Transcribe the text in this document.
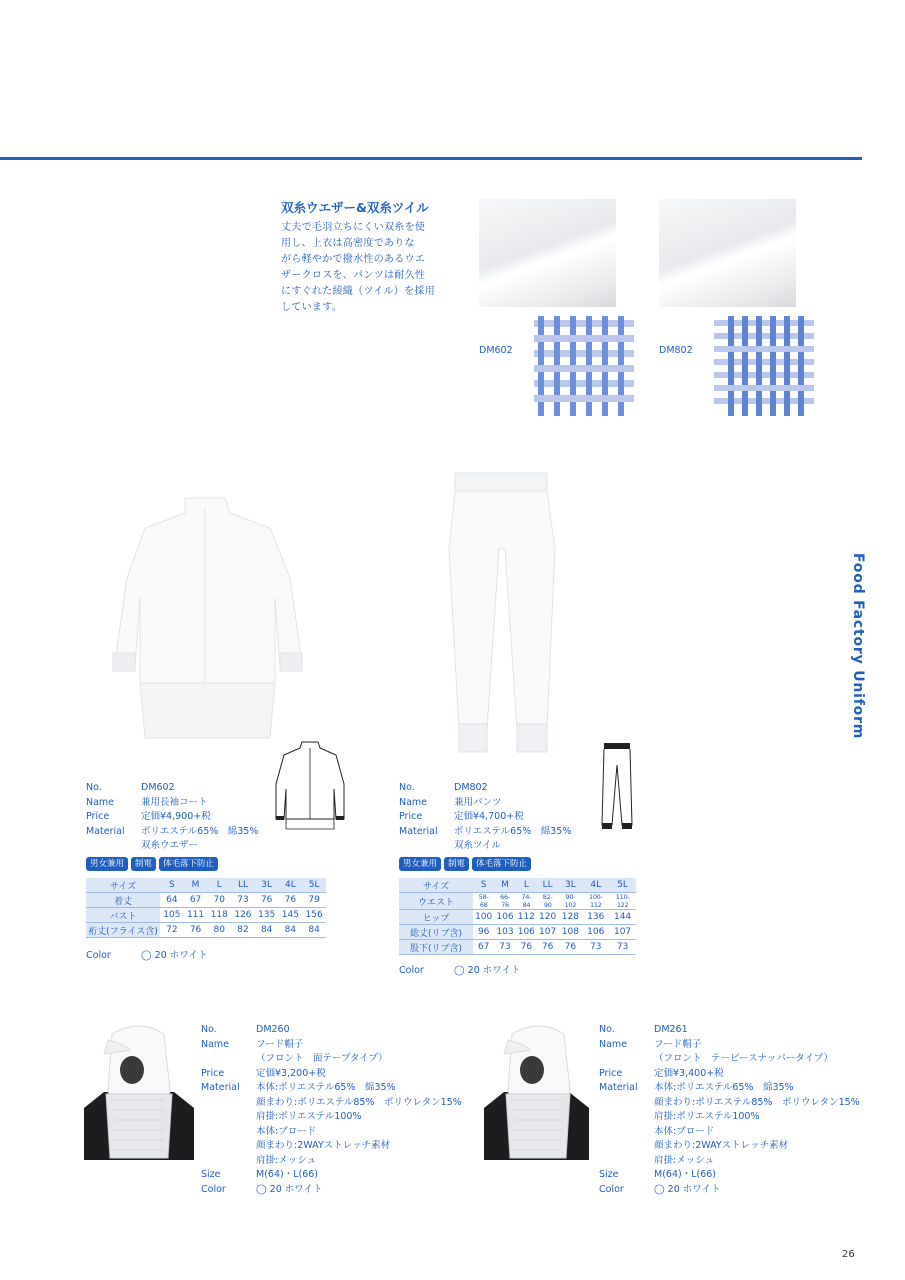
双糸ウエザー&双糸ツイル
丈夫で毛羽立ちにくい双糸を使
用し、上衣は高密度でありな
がら軽やかで撥水性のあるウエ
ザークロスを、パンツは耐久性
にすぐれた綾織（ツイル）を採用
しています。
DM602	DM802
Food Factory Uniform
No.	DM602
Name	兼用長袖コート
Price	定価¥4,900+税
Material	ポリエステル65%　綿35%
双糸ウエザー
男女兼用	制電	体毛落下防止
サイズ	S	M	L	LL	3L	4L	5L
着丈	64	67	70	73	76	76	79
バスト	105	111	118	126	135	145	156
裄丈(フライス含)	72	76	80	82	84	84	84
Color	◯ 20 ホワイト
No.	DM802
Name	兼用パンツ
Price	定価¥4,700+税
Material	ポリエステル65%　綿35%
双糸ツイル
男女兼用	制電	体毛落下防止
サイズ	S	M	L	LL	3L	4L	5L
ウエスト	58-68	66-76	74-84	82-90	90-102	100-112	110-122
ヒップ	100	106	112	120	128	136	144
総丈(リブ含)	96	103	106	107	108	106	107
股下(リブ含)	67	73	76	76	76	73	73
Color	◯ 20 ホワイト
No.	DM260
Name	フード帽子
（フロント　面テープタイプ）
Price	定価¥3,200+税
Material	本体:ポリエステル65%　綿35%
顔まわり:ポリエステル85%　ポリウレタン15%
肩掛:ポリエステル100%
本体:ブロード
顔まわり:2WAYストレッチ素材
肩掛:メッシュ
Size	M(64)・L(66)
Color	◯ 20 ホワイト
No.	DM261
Name	フード帽子
（フロント　テーピースナッパータイプ）
Price	定価¥3,400+税
Material	本体:ポリエステル65%　綿35%
顔まわり:ポリエステル85%　ポリウレタン15%
肩掛:ポリエステル100%
本体:ブロード
顔まわり:2WAYストレッチ素材
肩掛:メッシュ
Size	M(64)・L(66)
Color	◯ 20 ホワイト
26
